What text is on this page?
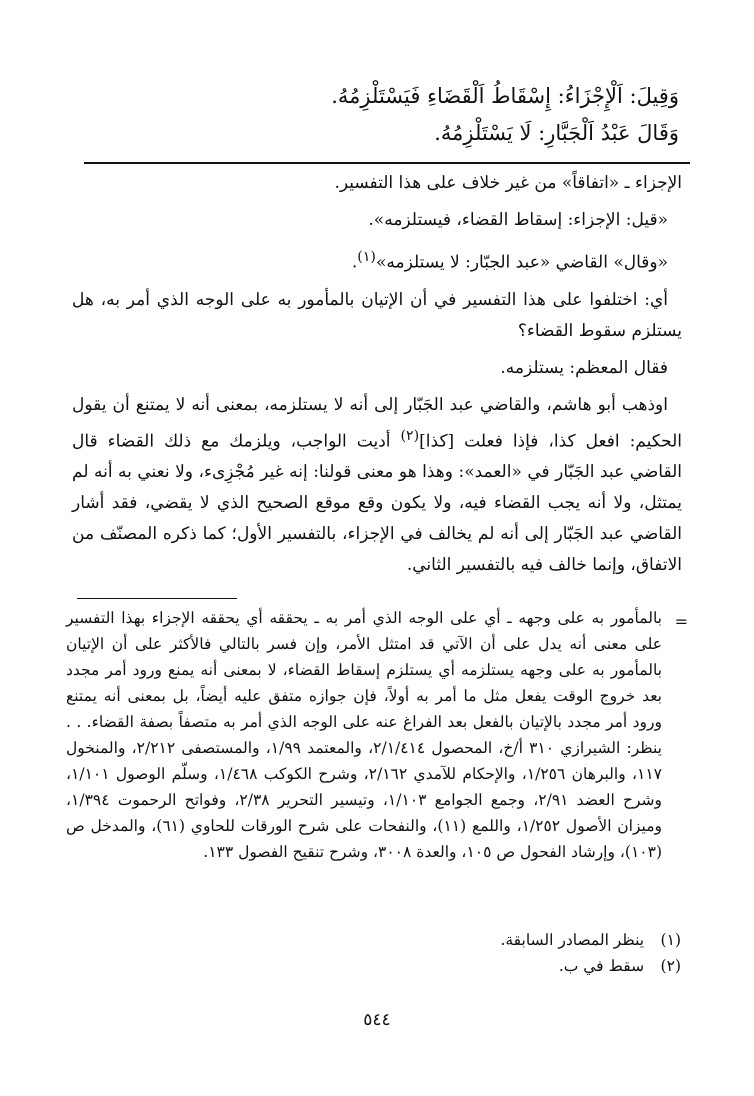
وَقِيلَ: اَلْإِجْزَاءُ: إِسْقَاطُ اَلْقَضَاءِ فَيَسْتَلْزِمُهُ.
وَقَالَ عَبْدُ اَلْجَبَّارِ: لَا يَسْتَلْزِمُهُ.

الإجزاء ـ «اتفاقاً» من غير خلاف على هذا التفسير.

«قيل: الإجزاء: إسقاط القضاء، فيستلزمه».

«وقال» القاضي «عبد الجبّار: لا يستلزمه»$^{(١)}$.

أي: اختلفوا على هذا التفسير في أن الإتيان بالمأمور به على الوجه الذي أمر به، هل يستلزم سقوط القضاء؟

فقال المعظم: يستلزمه.

اوذهب أبو هاشم، والقاضي عبد الجَبّار إلى أنه لا يستلزمه، بمعنى أنه لا يمتنع أن يقول الحكيم: افعل كذا، فإذا فعلت [كذا]$^{(٢)}$ أديت الواجب، ويلزمك مع ذلك القضاء قال القاضي عبد الجَبّار في «العمد»: وهذا هو معنى قولنا: إنه غير مُجْزِىء، ولا نعني به أنه لم يمتثل، ولا أنه يجب القضاء فيه، ولا يكون وقع موقع الصحيح الذي لا يقضي، فقد أشار القاضي عبد الجَبّار إلى أنه لم يخالف في الإجزاء، بالتفسير الأول؛ كما ذكره المصنّف من الاتفاق، وإنما خالف فيه بالتفسير الثاني.

=

بالمأمور به على وجهه ـ أي على الوجه الذي أمر به ـ يحققه أي يحققه الإجزاء بهذا التفسير على معنى أنه يدل على أن الآتي قد امتثل الأمر، وإن فسر بالتالي فالأكثر على أن الإتيان بالمأمور به على وجهه يستلزمه أي يستلزم إسقاط القضاء، لا بمعنى أنه يمنع ورود أمر مجدد بعد خروج الوقت يفعل مثل ما أمر به أولاً، فإن جوازه متفق عليه أيضاً، بل بمعنى أنه يمتنع ورود أمر مجدد بالإتيان بالفعل بعد الفراغ عنه على الوجه الذي أمر به متصفاً بصفة القضاء. . . ينظر: الشيرازي ٣١٠ أ/خ، المحصول ٢/١/٤١٤، والمعتمد ١/٩٩، والمستصفى ٢/٢١٢، والمنخول ١١٧، والبرهان ١/٢٥٦، والإحكام للآمدي ٢/١٦٢، وشرح الكوكب ١/٤٦٨، وسلّم الوصول ١/١٠١، وشرح العضد ٢/٩١، وجمع الجوامع ١/١٠٣، وتيسير التحرير ٢/٣٨، وفواتح الرحموت ١/٣٩٤، وميزان الأصول ١/٢٥٢، واللمع (١١)، والنفحات على شرح الورقات للحاوي (٦١)، والمدخل ص (١٠٣)، وإرشاد الفحول ص ١٠٥، والعدة ٣٠٠٨، وشرح تنقيح الفصول ١٣٣.

(١) ينظر المصادر السابقة.
(٢) سقط في ب.
٥٤٤
